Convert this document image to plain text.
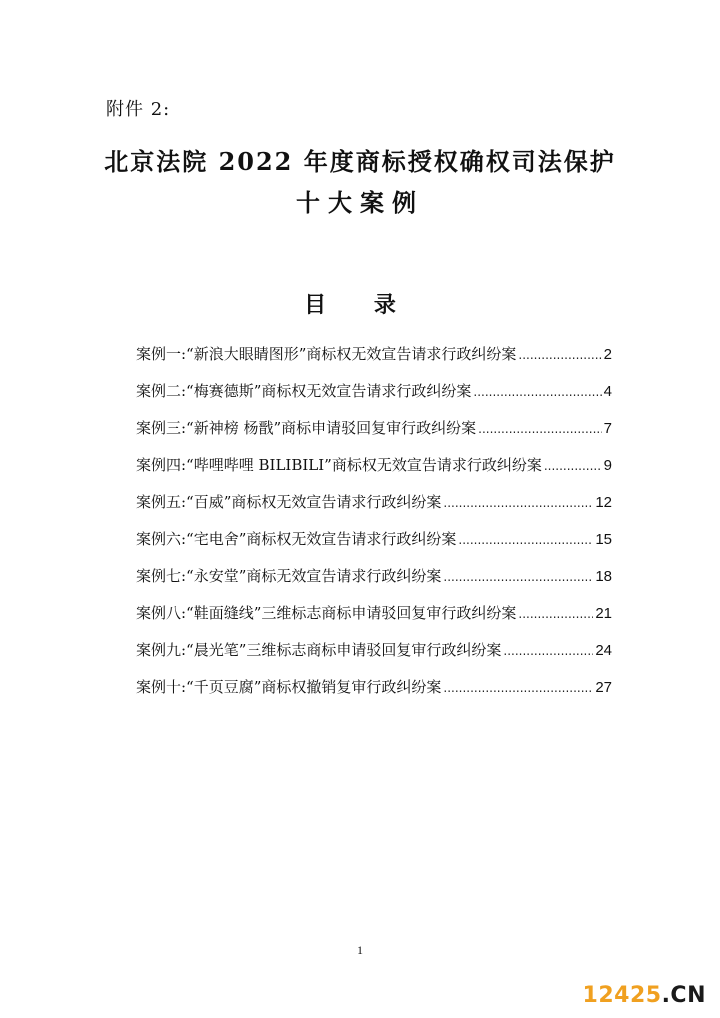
附件 2:
北京法院 2022 年度商标授权确权司法保护
十大案例
目 录
案例一:“新浪大眼睛图形”商标权无效宣告请求行政纠纷案 .....	2
案例二:“梅赛德斯”商标权无效宣告请求行政纠纷案 .....	4
案例三:“新神榜 杨戬”商标申请驳回复审行政纠纷案 .....	7
案例四:“哔哩哔哩 BILIBILI”商标权无效宣告请求行政纠纷案 .....	9
案例五:“百威”商标权无效宣告请求行政纠纷案 .....	12
案例六:“宅电舍”商标权无效宣告请求行政纠纷案 .....	15
案例七:“永安堂”商标无效宣告请求行政纠纷案 .....	18
案例八:“鞋面缝线”三维标志商标申请驳回复审行政纠纷案 .....	21
案例九:“晨光笔”三维标志商标申请驳回复审行政纠纷案 .....	24
案例十:“千页豆腐”商标权撤销复审行政纠纷案 .....	27
1
12425.CN
